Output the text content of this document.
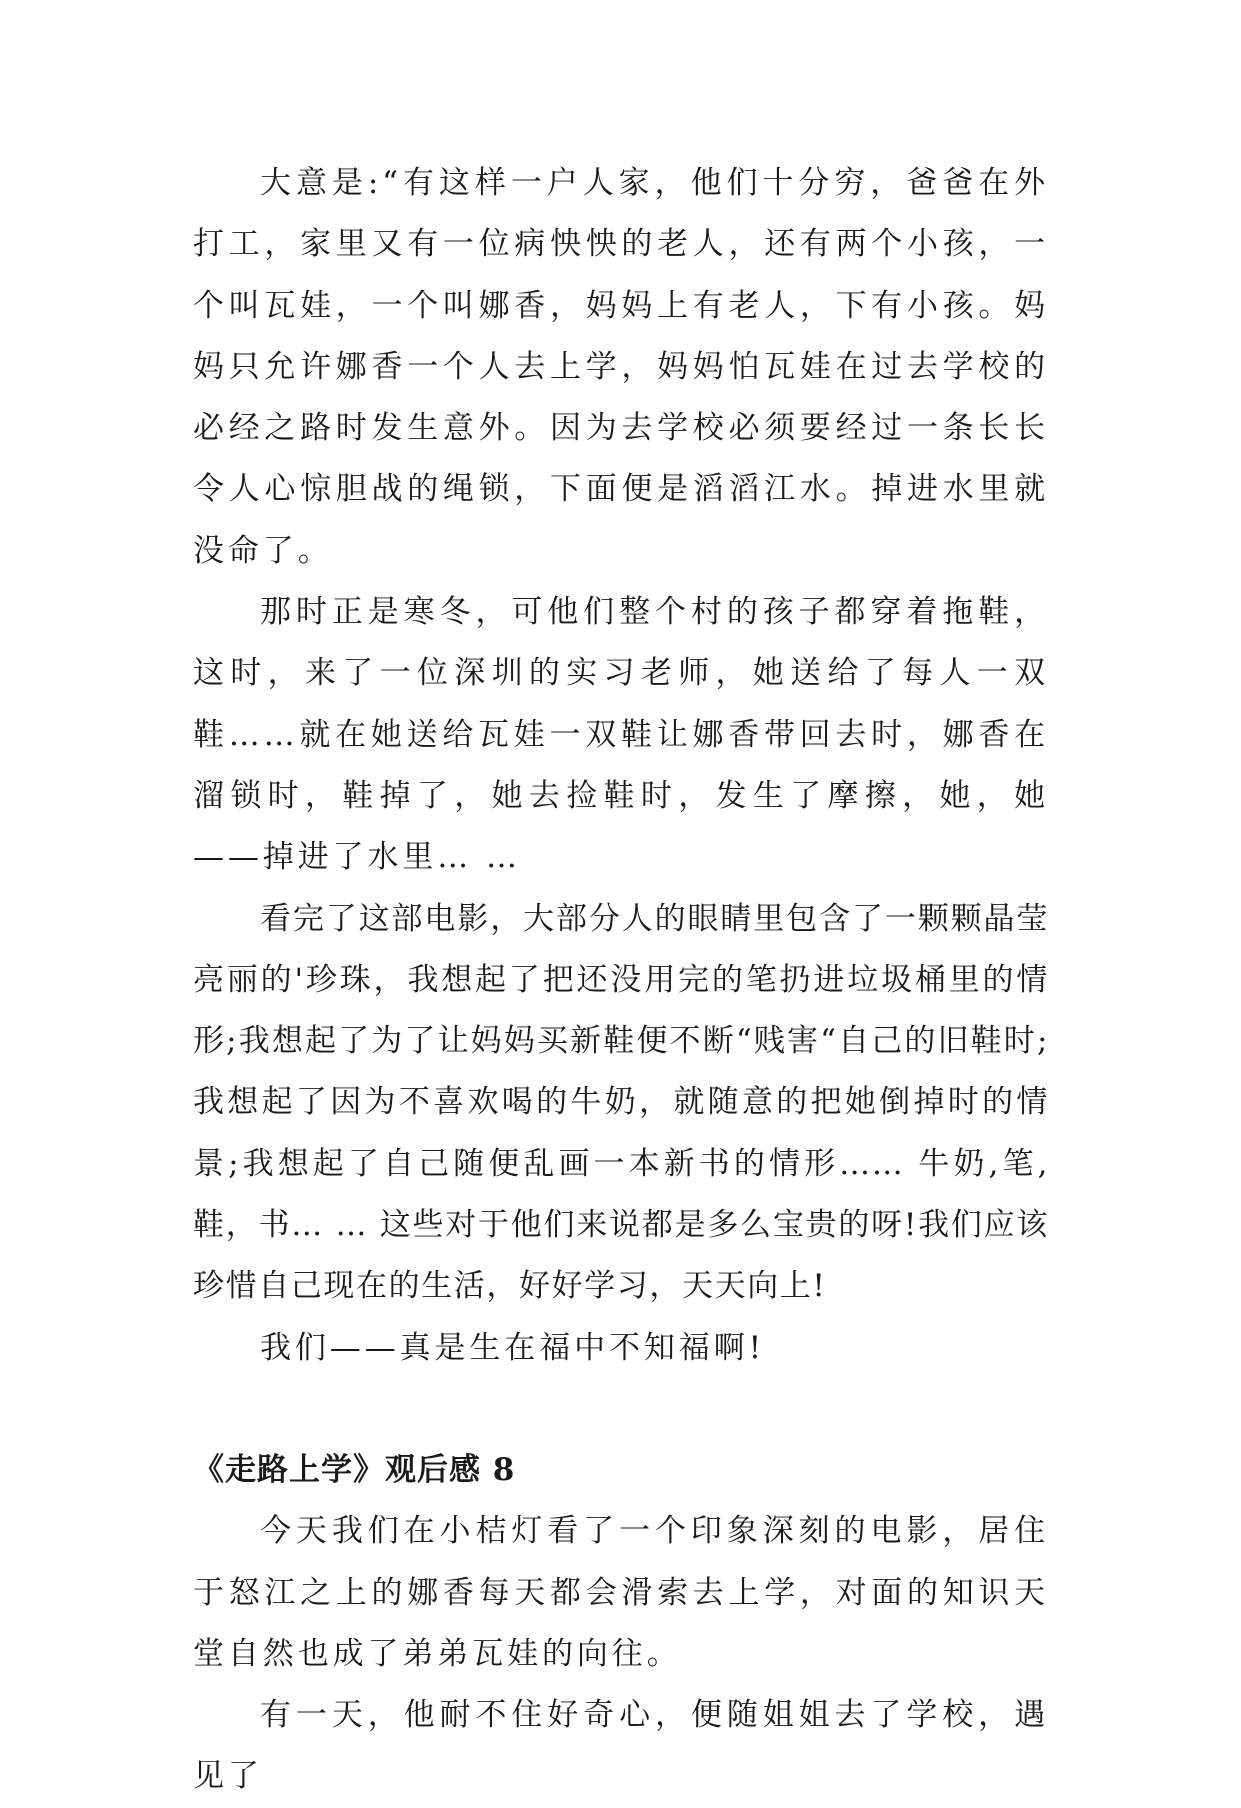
大意是:“有这样一户人家，他们十分穷，爸爸在外打工，家里又有一位病怏怏的老人，还有两个小孩，一个叫瓦娃，一个叫娜香，妈妈上有老人，下有小孩。妈妈只允许娜香一个人去上学，妈妈怕瓦娃在过去学校的必经之路时发生意外。因为去学校必须要经过一条长长令人心惊胆战的绳锁，下面便是滔滔江水。掉进水里就没命了。

那时正是寒冬，可他们整个村的孩子都穿着拖鞋，这时，来了一位深圳的实习老师，她送给了每人一双鞋……就在她送给瓦娃一双鞋让娜香带回去时，娜香在溜锁时，鞋掉了，她去捡鞋时，发生了摩擦，她，她——掉进了水里… …

看完了这部电影，大部分人的眼睛里包含了一颗颗晶莹亮丽的'珍珠，我想起了把还没用完的笔扔进垃圾桶里的情形;我想起了为了让妈妈买新鞋便不断“贱害“自己的旧鞋时;我想起了因为不喜欢喝的牛奶，就随意的把她倒掉时的情景;我想起了自己随便乱画一本新书的情形…… 牛奶,笔,鞋，书… … 这些对于他们来说都是多么宝贵的呀!我们应该珍惜自己现在的生活，好好学习，天天向上!

我们——真是生在福中不知福啊!

《走路上学》观后感 8

今天我们在小桔灯看了一个印象深刻的电影，居住于怒江之上的娜香每天都会滑索去上学，对面的知识天堂自然也成了弟弟瓦娃的向往。

有一天，他耐不住好奇心，便随姐姐去了学校，遇见了
